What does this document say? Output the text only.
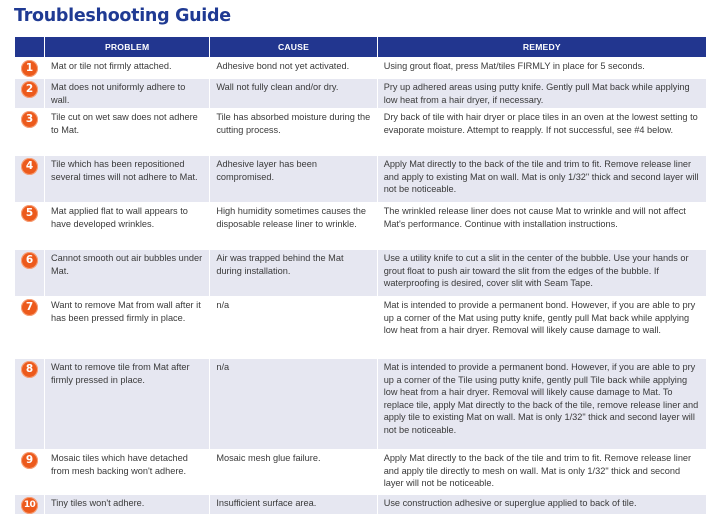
Troubleshooting Guide
	PROBLEM	CAUSE	REMEDY
1	Mat or tile not firmly attached.	Adhesive bond not yet activated.	Using grout float, press Mat/tiles FIRMLY in place for 5 seconds.
2	Mat does not uniformly adhere to wall.	Wall not fully clean and/or dry.	Pry up adhered areas using putty knife. Gently pull Mat back while applying low heat from a hair dryer, if necessary.
3	Tile cut on wet saw does not adhere to Mat.	Tile has absorbed moisture during the cutting process.	Dry back of tile with hair dryer or place tiles in an oven at the lowest setting to evaporate moisture. Attempt to reapply. If not successful, see #4 below.
4	Tile which has been repositioned several times will not adhere to Mat.	Adhesive layer has been compromised.	Apply Mat directly to the back of the tile and trim to fit. Remove release liner and apply to existing Mat on wall. Mat is only 1/32" thick and second layer will not be noticeable.
5	Mat applied flat to wall appears to have developed wrinkles.	High humidity sometimes causes the disposable release liner to wrinkle.	The wrinkled release liner does not cause Mat to wrinkle and will not affect Mat's performance. Continue with installation instructions.
6	Cannot smooth out air bubbles under Mat.	Air was trapped behind the Mat during installation.	Use a utility knife to cut a slit in the center of the bubble. Use your hands or grout float to push air toward the slit from the edges of the bubble. If waterproofing is desired, cover slit with Seam Tape.
7	Want to remove Mat from wall after it has been pressed firmly in place.	n/a	Mat is intended to provide a permanent bond. However, if you are able to pry up a corner of the Mat using putty knife, gently pull Mat back while applying low heat from a hair dryer. Removal will likely cause damage to wall.
8	Want to remove tile from Mat after firmly pressed in place.	n/a	Mat is intended to provide a permanent bond. However, if you are able to pry up a corner of the Tile using putty knife, gently pull Tile back while applying low heat from a hair dryer. Removal will likely cause damage to Mat. To replace tile, apply Mat directly to the back of the tile, remove release liner and apply tile to existing Mat on wall. Mat is only 1/32" thick and second layer will not be noticeable.
9	Mosaic tiles which have detached from mesh backing won't adhere.	Mosaic mesh glue failure.	Apply Mat directly to the back of the tile and trim to fit. Remove release liner and apply tile directly to mesh on wall. Mat is only 1/32" thick and second layer will not be noticeable.
10	Tiny tiles won't adhere.	Insufficient surface area.	Use construction adhesive or superglue applied to back of tile.
